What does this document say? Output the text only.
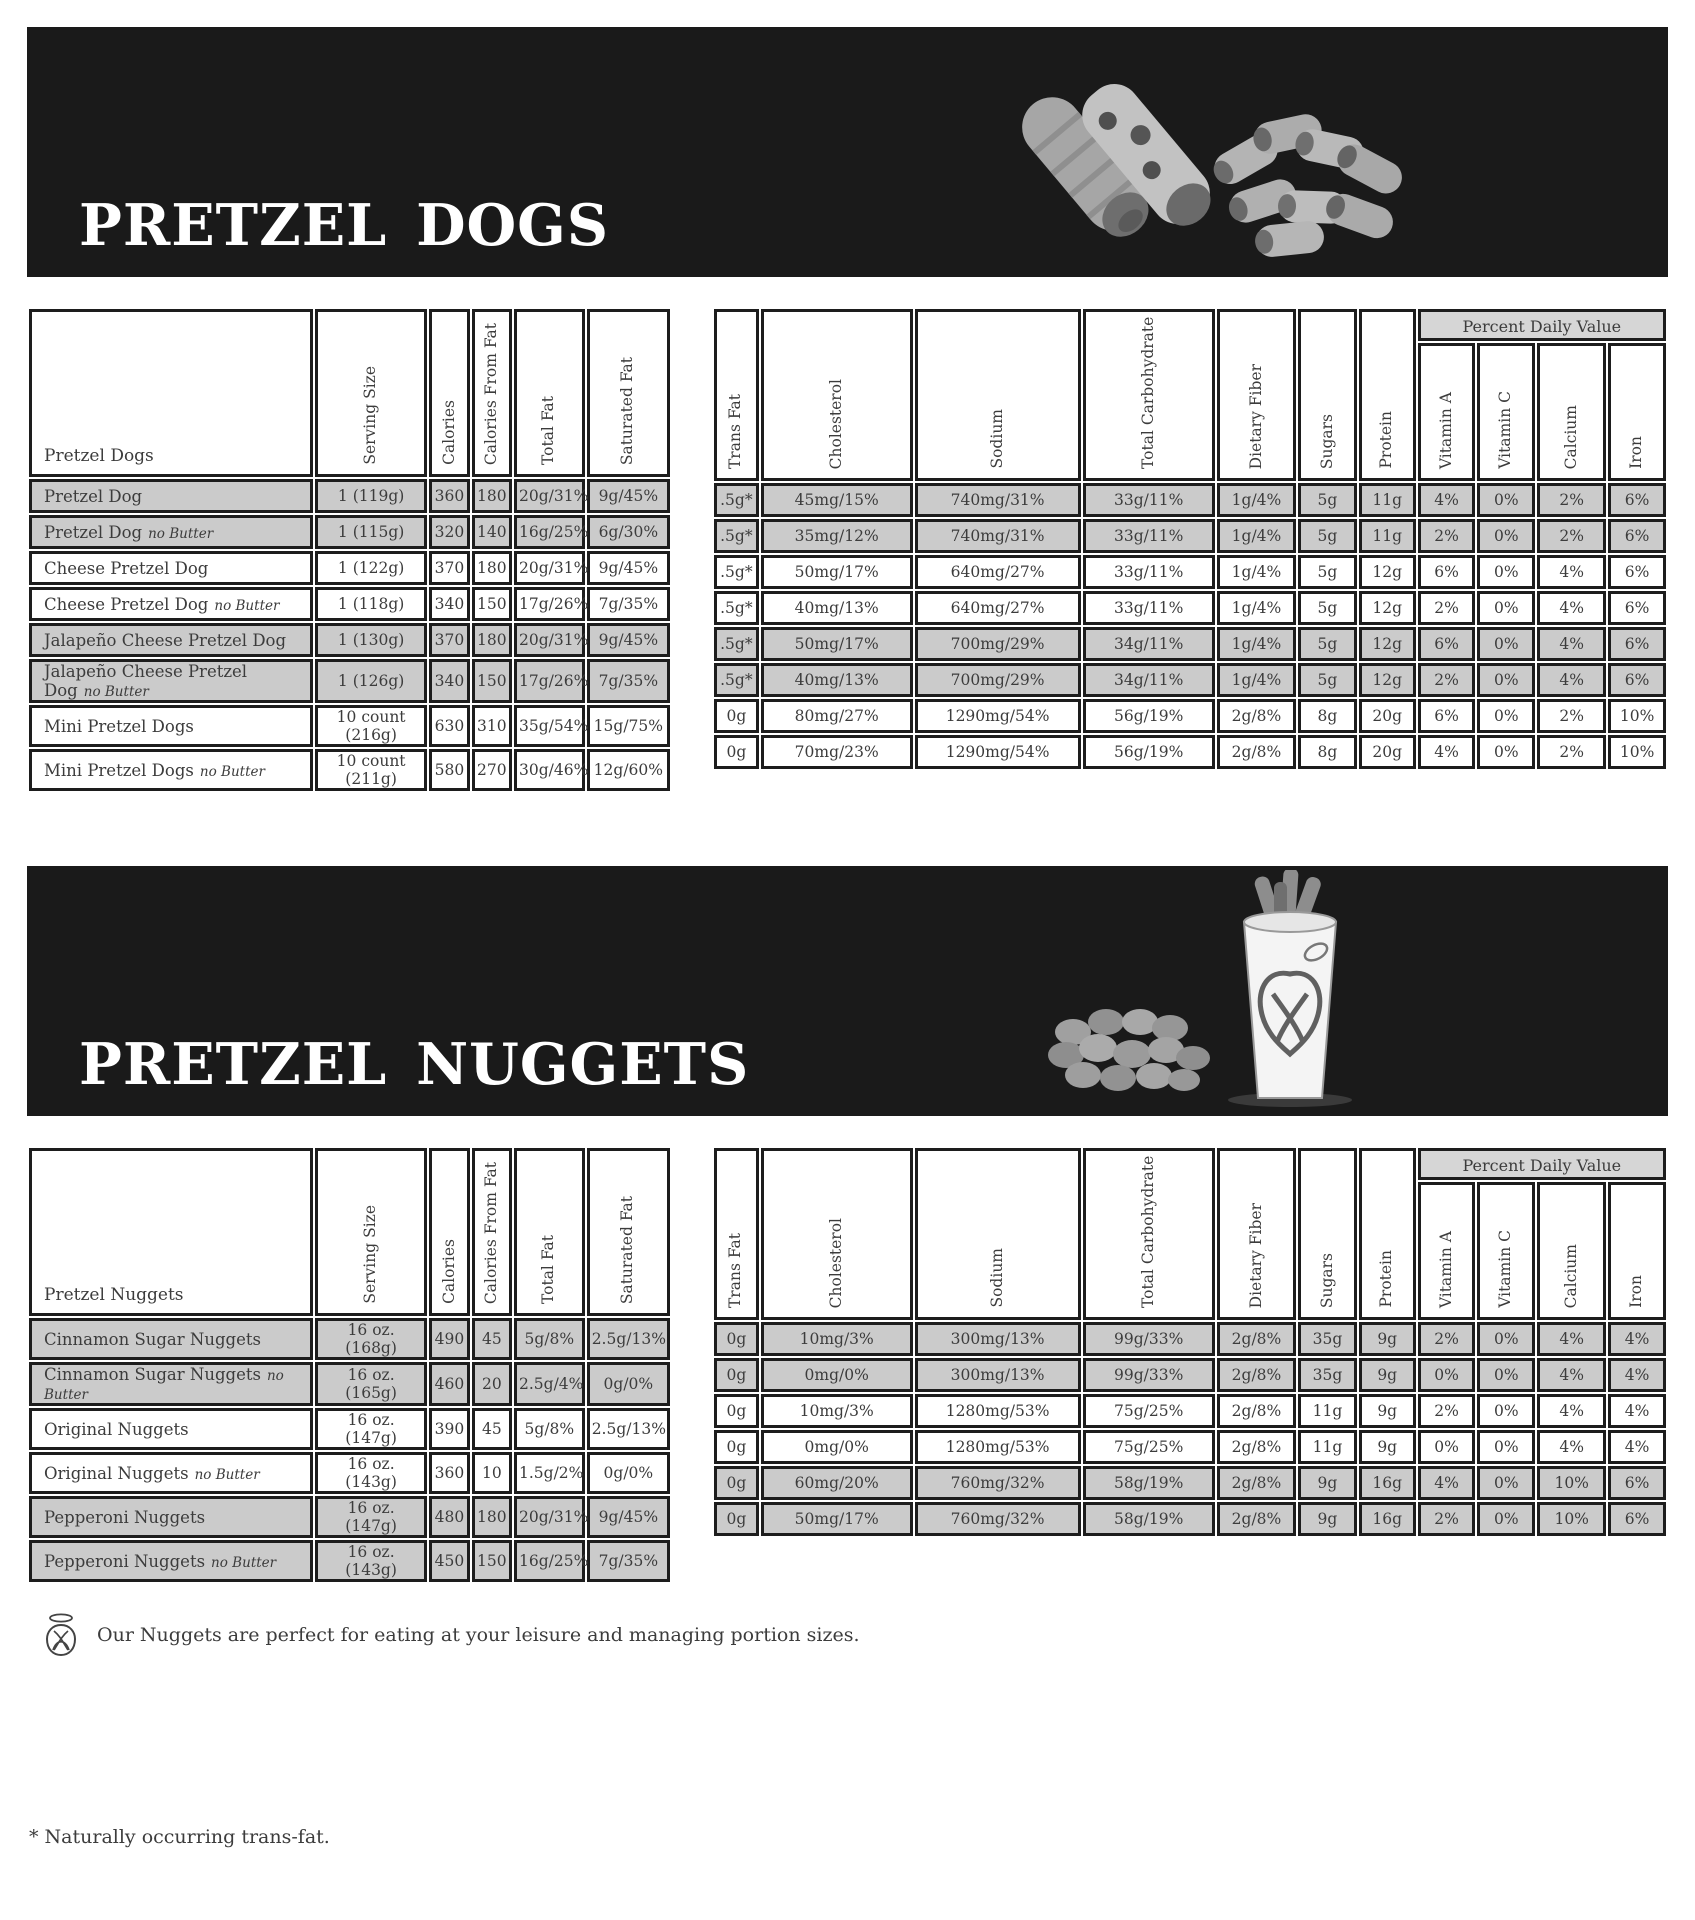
PRETZEL DOGS
Pretzel Dogs	Serving Size	Calories	Calories From Fat	Total Fat	Saturated Fat
Pretzel Dog	1 (119g)	360	180	20g/31%	9g/45%
Pretzel Dog no Butter	1 (115g)	320	140	16g/25%	6g/30%
Cheese Pretzel Dog	1 (122g)	370	180	20g/31%	9g/45%
Cheese Pretzel Dog no Butter	1 (118g)	340	150	17g/26%	7g/35%
Jalapeño Cheese Pretzel Dog	1 (130g)	370	180	20g/31%	9g/45%
Jalapeño Cheese Pretzel Dog no Butter	1 (126g)	340	150	17g/26%	7g/35%
Mini Pretzel Dogs	10 count (216g)	630	310	35g/54%	15g/75%
Mini Pretzel Dogs no Butter	10 count (211g)	580	270	30g/46%	12g/60%
Trans Fat	Cholesterol	Sodium	Total Carbohydrate	Dietary Fiber	Sugars	Protein	Percent Daily Value			
							Vitamin A	Vitamin C	Calcium	Iron
.5g*	45mg/15%	740mg/31%	33g/11%	1g/4%	5g	11g	4%	0%	2%	6%
.5g*	35mg/12%	740mg/31%	33g/11%	1g/4%	5g	11g	2%	0%	2%	6%
.5g*	50mg/17%	640mg/27%	33g/11%	1g/4%	5g	12g	6%	0%	4%	6%
.5g*	40mg/13%	640mg/27%	33g/11%	1g/4%	5g	12g	2%	0%	4%	6%
.5g*	50mg/17%	700mg/29%	34g/11%	1g/4%	5g	12g	6%	0%	4%	6%
.5g*	40mg/13%	700mg/29%	34g/11%	1g/4%	5g	12g	2%	0%	4%	6%
0g	80mg/27%	1290mg/54%	56g/19%	2g/8%	8g	20g	6%	0%	2%	10%
0g	70mg/23%	1290mg/54%	56g/19%	2g/8%	8g	20g	4%	0%	2%	10%
PRETZEL NUGGETS
Pretzel Nuggets	Serving Size	Calories	Calories From Fat	Total Fat	Saturated Fat
Cinnamon Sugar Nuggets	16 oz. (168g)	490	45	5g/8%	2.5g/13%
Cinnamon Sugar Nuggets no Butter	16 oz. (165g)	460	20	2.5g/4%	0g/0%
Original Nuggets	16 oz. (147g)	390	45	5g/8%	2.5g/13%
Original Nuggets no Butter	16 oz. (143g)	360	10	1.5g/2%	0g/0%
Pepperoni Nuggets	16 oz. (147g)	480	180	20g/31%	9g/45%
Pepperoni Nuggets no Butter	16 oz. (143g)	450	150	16g/25%	7g/35%
Trans Fat	Cholesterol	Sodium	Total Carbohydrate	Dietary Fiber	Sugars	Protein	Percent Daily Value			
							Vitamin A	Vitamin C	Calcium	Iron
0g	10mg/3%	300mg/13%	99g/33%	2g/8%	35g	9g	2%	0%	4%	4%
0g	0mg/0%	300mg/13%	99g/33%	2g/8%	35g	9g	0%	0%	4%	4%
0g	10mg/3%	1280mg/53%	75g/25%	2g/8%	11g	9g	2%	0%	4%	4%
0g	0mg/0%	1280mg/53%	75g/25%	2g/8%	11g	9g	0%	0%	4%	4%
0g	60mg/20%	760mg/32%	58g/19%	2g/8%	9g	16g	4%	0%	10%	6%
0g	50mg/17%	760mg/32%	58g/19%	2g/8%	9g	16g	2%	0%	10%	6%
Our Nuggets are perfect for eating at your leisure and managing portion sizes.
* Naturally occurring trans-fat.
